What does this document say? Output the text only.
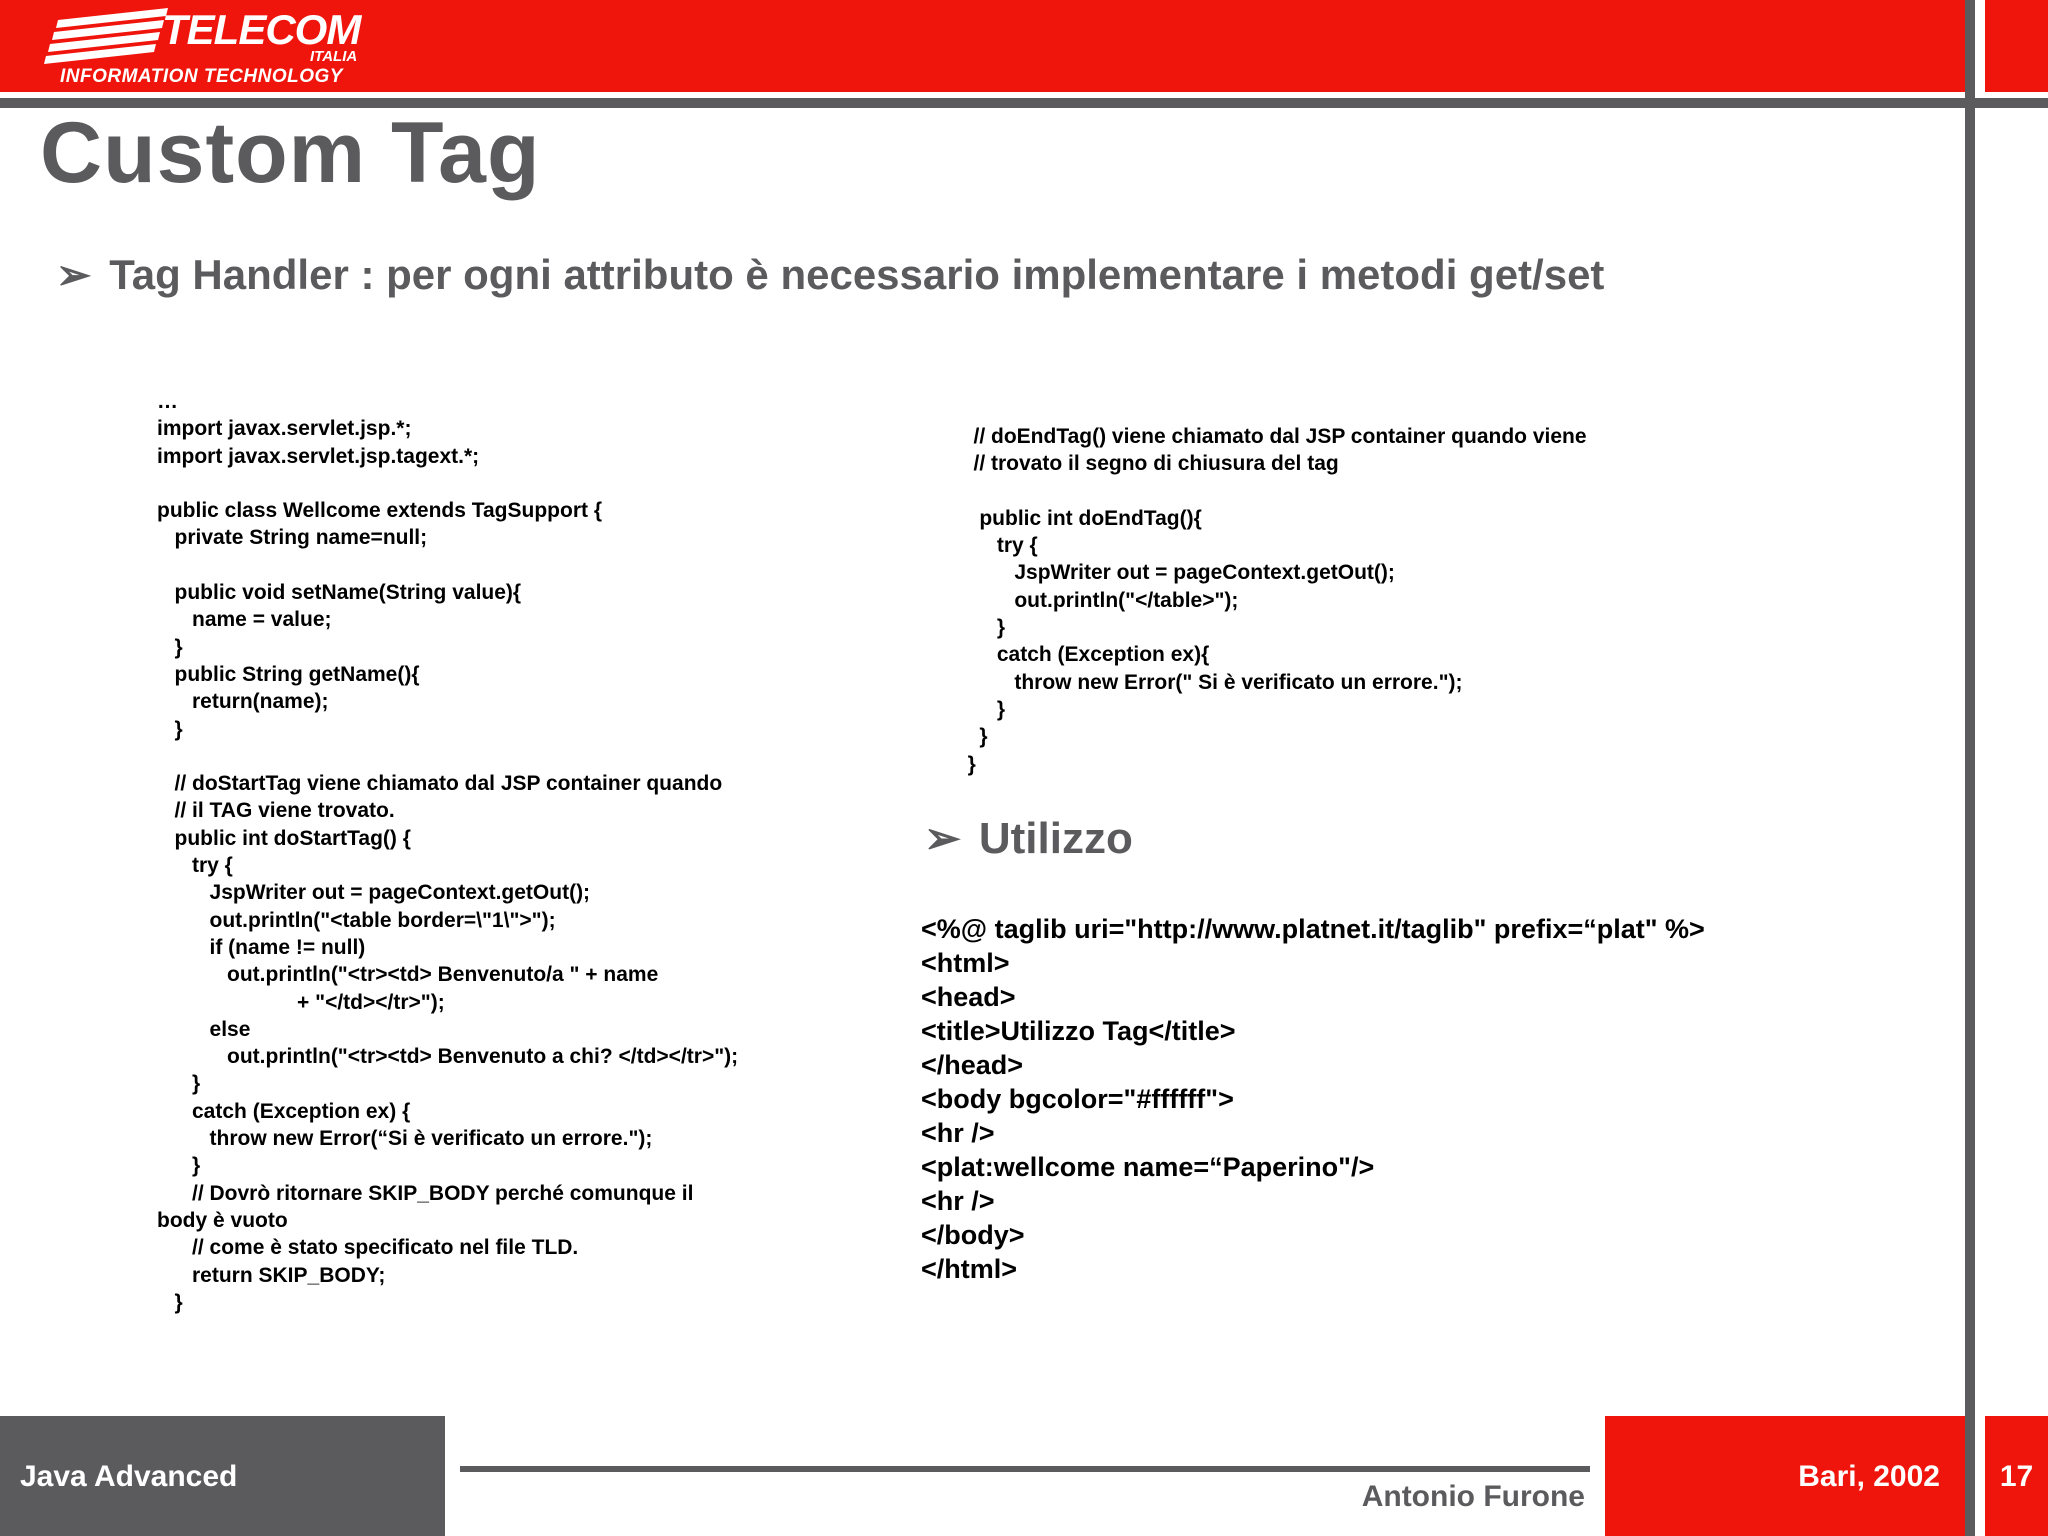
TELECOM
ITALIA
INFORMATION TECHNOLOGY
Custom Tag
➢ Tag Handler : per ogni attributo è necessario implementare i metodi get/set
…
import javax.servlet.jsp.*;
import javax.servlet.jsp.tagext.*;

public class Wellcome extends TagSupport {
private String name=null;

public void setName(String value){
name = value;
}
public String getName(){
return(name);
}

// doStartTag viene chiamato dal JSP container quando
// il TAG viene trovato.
public int doStartTag() {
try {
JspWriter out = pageContext.getOut();
out.println("<table border=\"1\">");
if (name != null)
out.println("<tr><td> Benvenuto/a " + name
+ "</td></tr>");
else
out.println("<tr><td> Benvenuto a chi? </td></tr>");
}
catch (Exception ex) {
throw new Error(“Si è verificato un errore.");
}
// Dovrò ritornare SKIP_BODY perché comunque il
body è vuoto
// come è stato specificato nel file TLD.
return SKIP_BODY;
}
// doEndTag() viene chiamato dal JSP container quando viene
// trovato il segno di chiusura del tag

public int doEndTag(){
try {
JspWriter out = pageContext.getOut();
out.println("</table>");
}
catch (Exception ex){
throw new Error(" Si è verificato un errore.");
}
}
}
➢ Utilizzo
<%@ taglib uri="http://www.platnet.it/taglib" prefix=“plat" %>
<html>
<head>
<title>Utilizzo Tag</title>
</head>
<body bgcolor="#ffffff">
<hr />
<plat:wellcome name=“Paperino"/>
<hr />
</body>
</html>
Java Advanced
Antonio Furone
Bari, 2002	17
